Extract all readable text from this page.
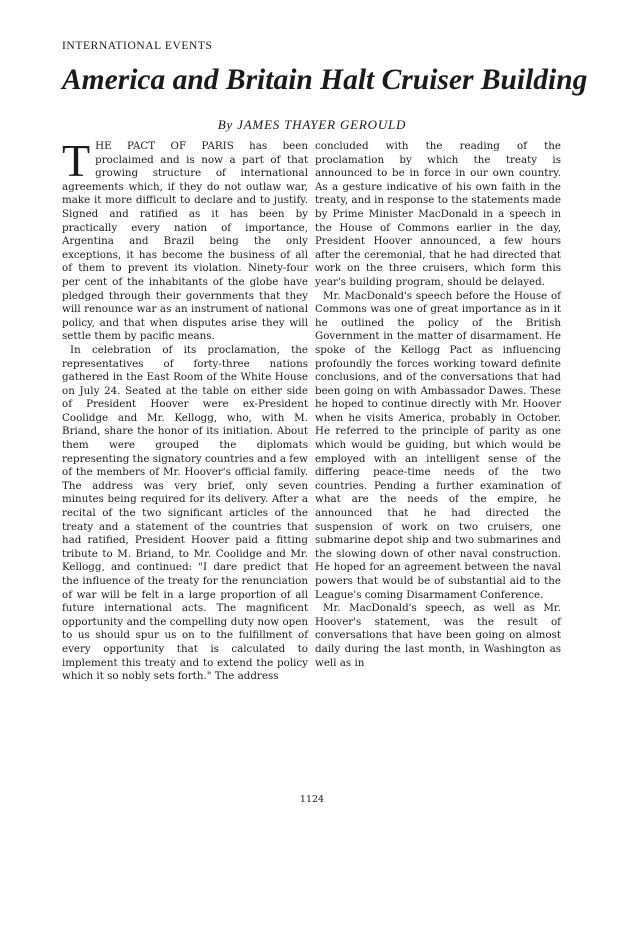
INTERNATIONAL EVENTS
America and Britain Halt Cruiser Building
By JAMES THAYER GEROULD

THE PACT OF PARIS has been proclaimed and is now a part of that growing structure of international agreements which, if they do not outlaw war, make it more difficult to declare and to justify. Signed and ratified as it has been by practically every nation of importance, Argentina and Brazil being the only exceptions, it has become the business of all of them to prevent its violation. Ninety-four per cent of the inhabitants of the globe have pledged through their governments that they will renounce war as an instrument of national policy, and that when disputes arise they will settle them by pacific means.

In celebration of its proclamation, the representatives of forty-three nations gathered in the East Room of the White House on July 24. Seated at the table on either side of President Hoover were ex-President Coolidge and Mr. Kellogg, who, with M. Briand, share the honor of its initiation. About them were grouped the diplomats representing the signatory countries and a few of the members of Mr. Hoover's official family. The address was very brief, only seven minutes being required for its delivery. After a recital of the two significant articles of the treaty and a statement of the countries that had ratified, President Hoover paid a fitting tribute to M. Briand, to Mr. Coolidge and Mr. Kellogg, and continued: "I dare predict that the influence of the treaty for the renunciation of war will be felt in a large proportion of all future international acts. The magnificent opportunity and the compelling duty now open to us should spur us on to the fulfillment of every opportunity that is calculated to implement this treaty and to extend the policy which it so nobly sets forth." The address

concluded with the reading of the proclamation by which the treaty is announced to be in force in our own country. As a gesture indicative of his own faith in the treaty, and in response to the statements made by Prime Minister MacDonald in a speech in the House of Commons earlier in the day, President Hoover announced, a few hours after the ceremonial, that he had directed that work on the three cruisers, which form this year's building program, should be delayed.

Mr. MacDonald's speech before the House of Commons was one of great importance as in it he outlined the policy of the British Government in the matter of disarmament. He spoke of the Kellogg Pact as influencing profoundly the forces working toward definite conclusions, and of the conversations that had been going on with Ambassador Dawes. These he hoped to continue directly with Mr. Hoover when he visits America, probably in October. He referred to the principle of parity as one which would be guiding, but which would be employed with an intelligent sense of the differing peace-time needs of the two countries. Pending a further examination of what are the needs of the empire, he announced that he had directed the suspension of work on two cruisers, one submarine depot ship and two submarines and the slowing down of other naval construction. He hoped for an agreement between the naval powers that would be of substantial aid to the League's coming Disarmament Conference.

Mr. MacDonald's speech, as well as Mr. Hoover's statement, was the result of conversations that have been going on almost daily during the last month, in Washington as well as in

1124
